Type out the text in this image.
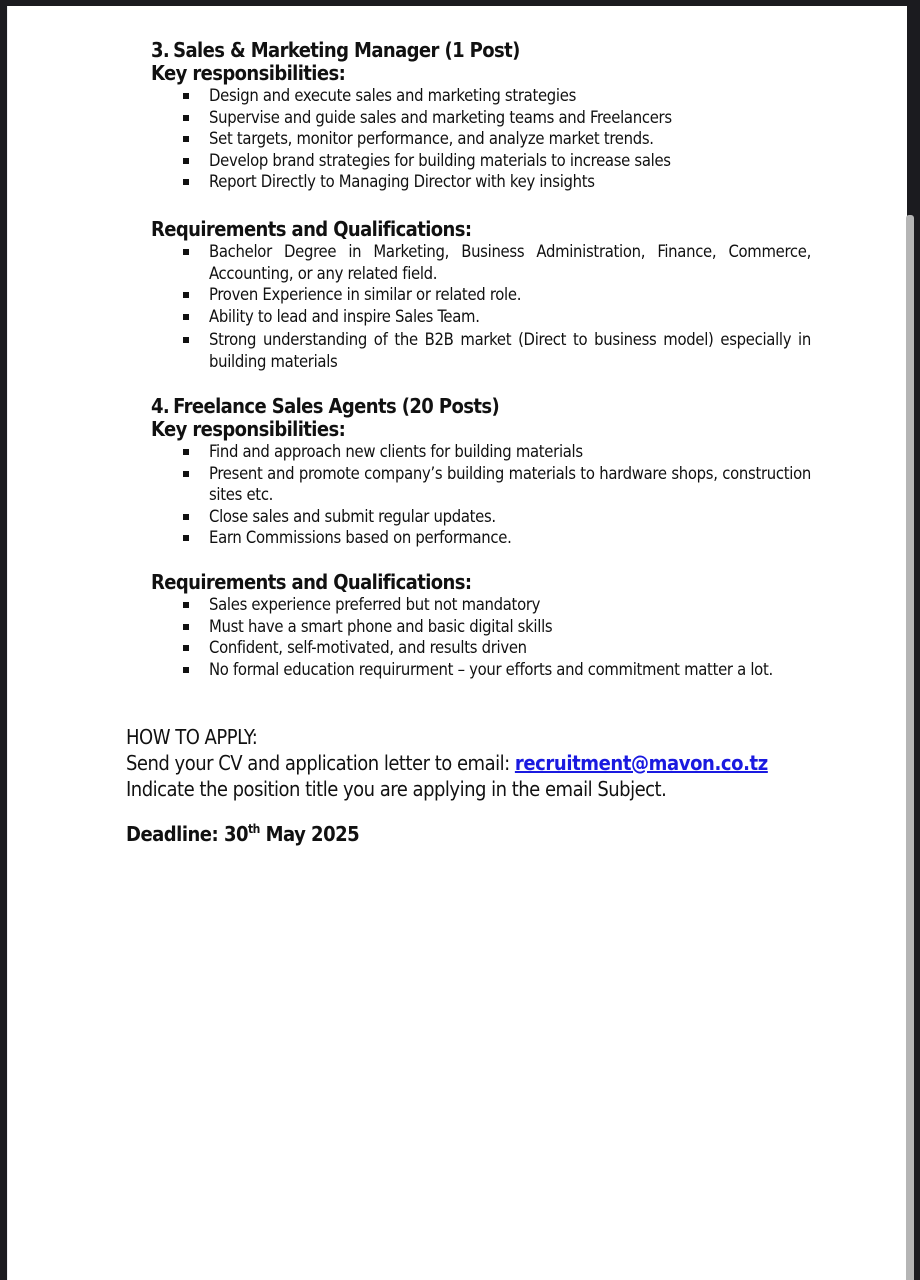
3. Sales & Marketing Manager (1 Post)
Key responsibilities:
Design and execute sales and marketing strategies
Supervise and guide sales and marketing teams and Freelancers
Set targets, monitor performance, and analyze market trends.
Develop brand strategies for building materials to increase sales
Report Directly to Managing Director with key insights
Requirements and Qualifications:
Bachelor Degree in Marketing, Business Administration, Finance, Commerce, Accounting, or any related field.
Proven Experience in similar or related role.
Ability to lead and inspire Sales Team.
Strong understanding of the B2B market (Direct to business model) especially in building materials
4. Freelance Sales Agents (20 Posts)
Key responsibilities:
Find and approach new clients for building materials
Present and promote company’s building materials to hardware shops, construction sites etc.
Close sales and submit regular updates.
Earn Commissions based on performance.
Requirements and Qualifications:
Sales experience preferred but not mandatory
Must have a smart phone and basic digital skills
Confident, self-motivated, and results driven
No formal education requirurment – your efforts and commitment matter a lot.
HOW TO APPLY:
Send your CV and application letter to email: recruitment@mavon.co.tz
Indicate the position title you are applying in the email Subject.
Deadline: 30th May 2025
